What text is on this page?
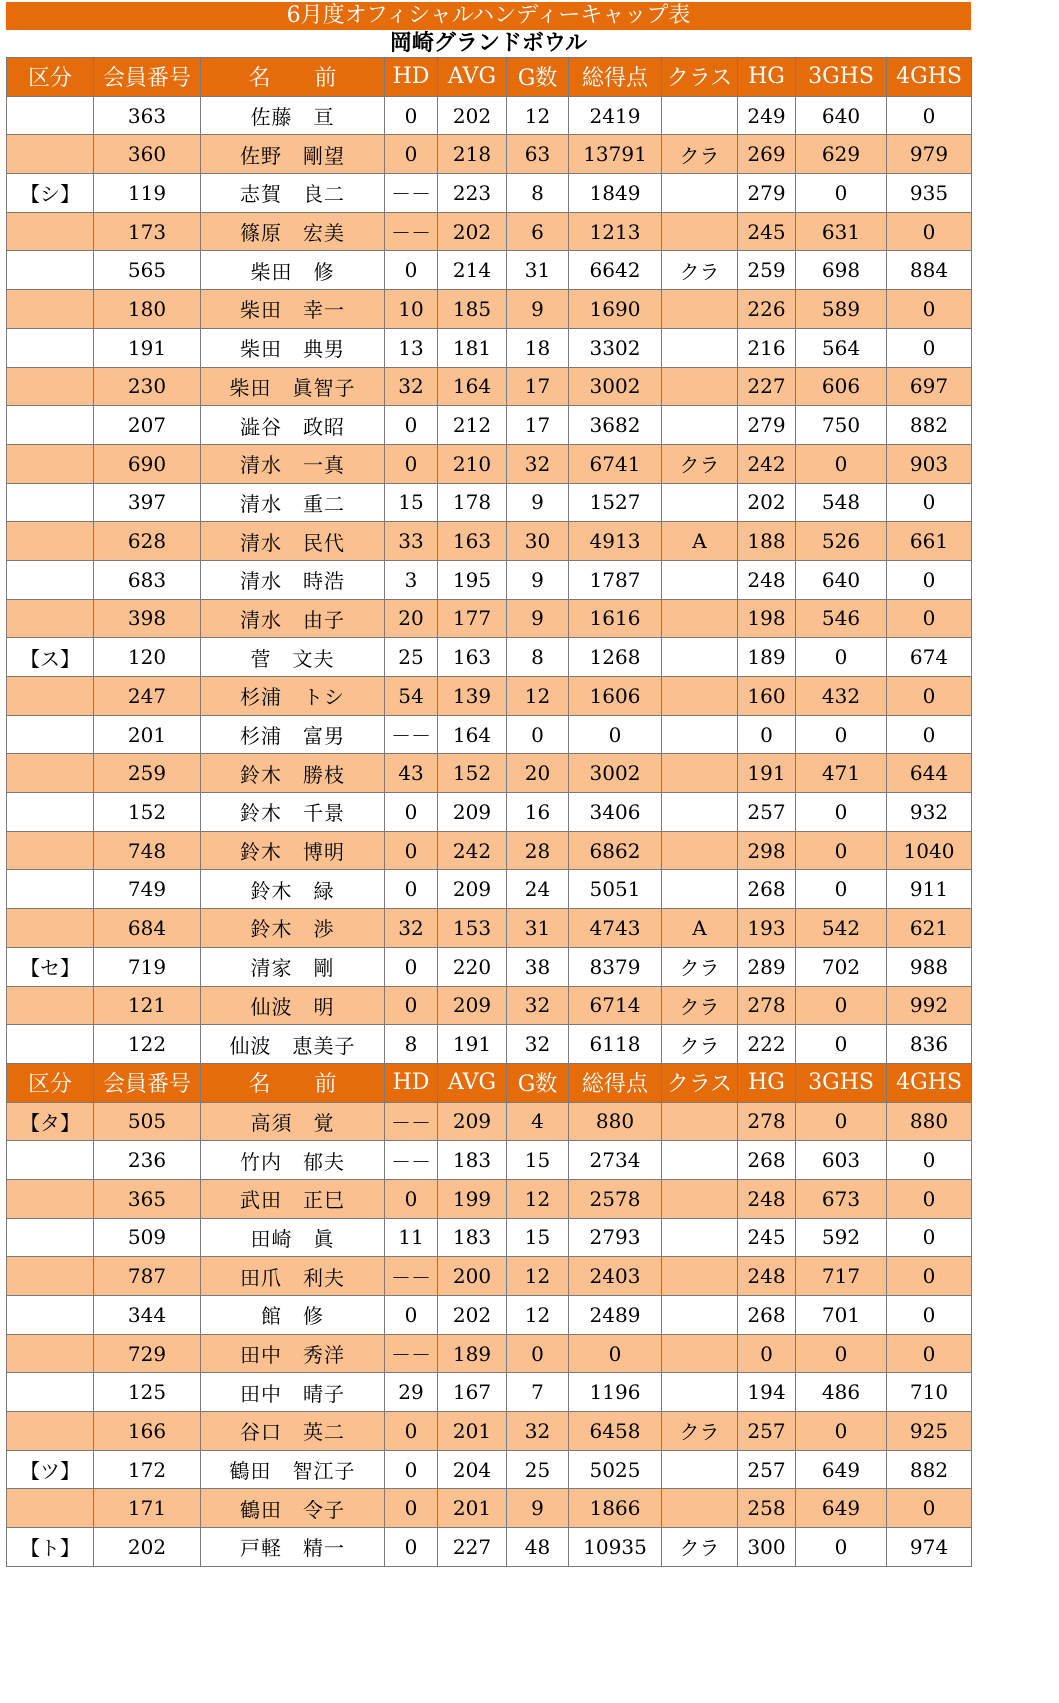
6月度オフィシャルハンディーキャップ表
岡崎グランドボウル
区分	会員番号	名　　前	HD	AVG	G数	総得点	クラス	HG	3GHS	4GHS
	363	佐藤　亘	0	202	12	2419		249	640	0
	360	佐野　剛望	0	218	63	13791	クラ	269	629	979
【シ】	119	志賀　良二	－－	223	8	1849		279	0	935
	173	篠原　宏美	－－	202	6	1213		245	631	0
	565	柴田　修	0	214	31	6642	クラ	259	698	884
	180	柴田　幸一	10	185	9	1690		226	589	0
	191	柴田　典男	13	181	18	3302		216	564	0
	230	柴田　眞智子	32	164	17	3002		227	606	697
	207	澁谷　政昭	0	212	17	3682		279	750	882
	690	清水　一真	0	210	32	6741	クラ	242	0	903
	397	清水　重二	15	178	9	1527		202	548	0
	628	清水　民代	33	163	30	4913	A	188	526	661
	683	清水　時浩	3	195	9	1787		248	640	0
	398	清水　由子	20	177	9	1616		198	546	0
【ス】	120	菅　文夫	25	163	8	1268		189	0	674
	247	杉浦　トシ	54	139	12	1606		160	432	0
	201	杉浦　富男	－－	164	0	0		0	0	0
	259	鈴木　勝枝	43	152	20	3002		191	471	644
	152	鈴木　千景	0	209	16	3406		257	0	932
	748	鈴木　博明	0	242	28	6862		298	0	1040
	749	鈴木　緑	0	209	24	5051		268	0	911
	684	鈴木　渉	32	153	31	4743	A	193	542	621
【セ】	719	清家　剛	0	220	38	8379	クラ	289	702	988
	121	仙波　明	0	209	32	6714	クラ	278	0	992
	122	仙波　恵美子	8	191	32	6118	クラ	222	0	836
区分	会員番号	名　　前	HD	AVG	G数	総得点	クラス	HG	3GHS	4GHS
【タ】	505	高須　覚	－－	209	4	880		278	0	880
	236	竹内　郁夫	－－	183	15	2734		268	603	0
	365	武田　正巳	0	199	12	2578		248	673	0
	509	田崎　眞	11	183	15	2793		245	592	0
	787	田爪　利夫	－－	200	12	2403		248	717	0
	344	館　修	0	202	12	2489		268	701	0
	729	田中　秀洋	－－	189	0	0		0	0	0
	125	田中　晴子	29	167	7	1196		194	486	710
	166	谷口　英二	0	201	32	6458	クラ	257	0	925
【ツ】	172	鶴田　智江子	0	204	25	5025		257	649	882
	171	鶴田　令子	0	201	9	1866		258	649	0
【ト】	202	戸軽　精一	0	227	48	10935	クラ	300	0	974
